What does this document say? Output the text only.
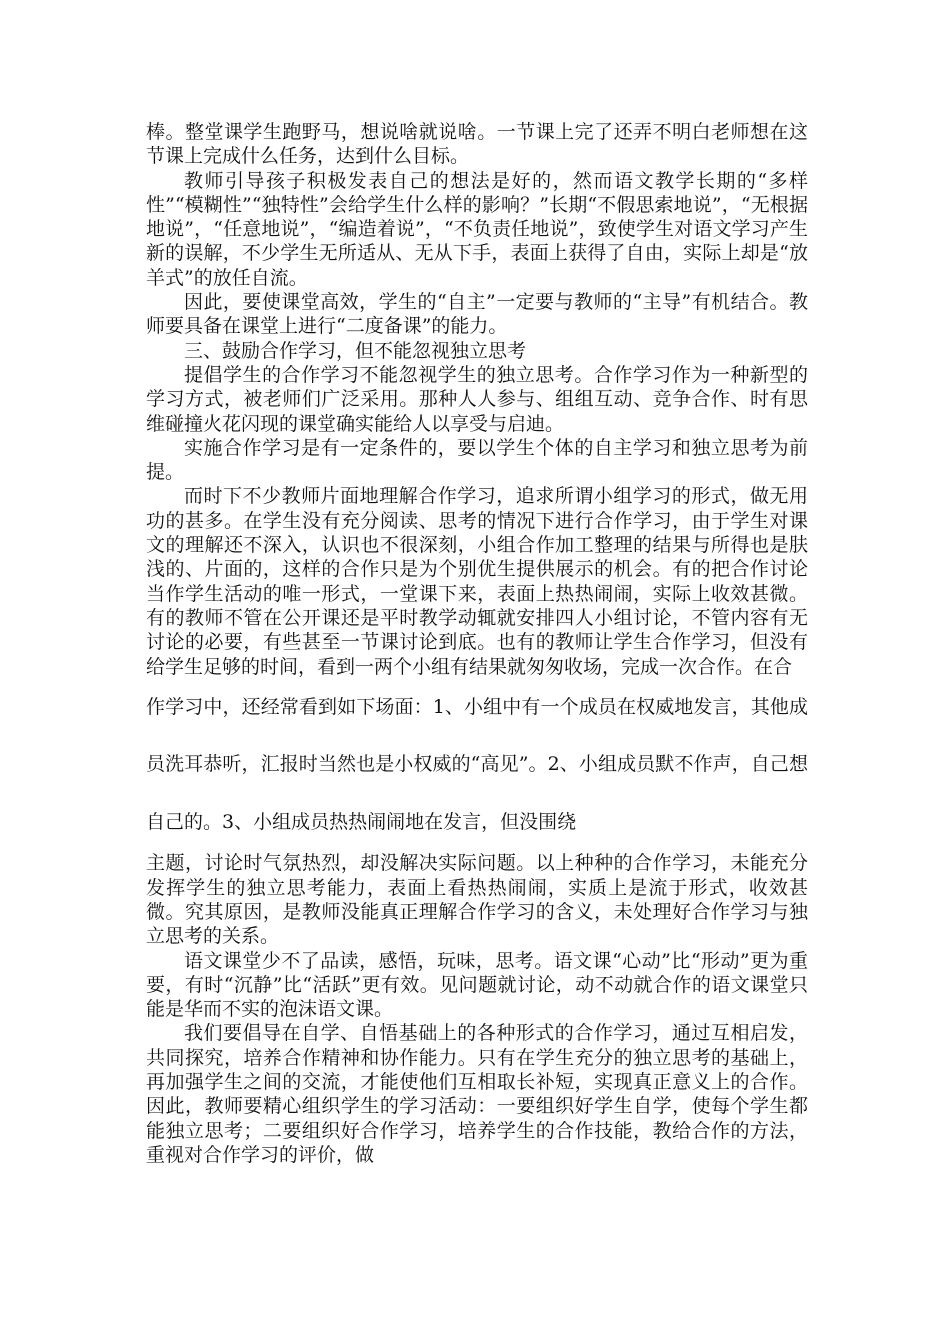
棒。整堂课学生跑野马，想说啥就说啥。一节课上完了还弄不明白老师想在这节课上完成什么任务，达到什么目标。

教师引导孩子积极发表自己的想法是好的，然而语文教学长期的“多样性”“模糊性”“独特性”会给学生什么样的影响？”长期“不假思索地说”，“无根据地说”，“任意地说”，“编造着说”，“不负责任地说”，致使学生对语文学习产生新的误解，不少学生无所适从、无从下手，表面上获得了自由，实际上却是“放羊式”的放任自流。

因此，要使课堂高效，学生的“自主”一定要与教师的“主导”有机结合。教师要具备在课堂上进行“二度备课”的能力。

三、鼓励合作学习，但不能忽视独立思考

提倡学生的合作学习不能忽视学生的独立思考。合作学习作为一种新型的学习方式，被老师们广泛采用。那种人人参与、组组互动、竞争合作、时有思维碰撞火花闪现的课堂确实能给人以享受与启迪。

实施合作学习是有一定条件的，要以学生个体的自主学习和独立思考为前提。

而时下不少教师片面地理解合作学习，追求所谓小组学习的形式，做无用功的甚多。在学生没有充分阅读、思考的情况下进行合作学习，由于学生对课文的理解还不深入，认识也不很深刻，小组合作加工整理的结果与所得也是肤浅的、片面的，这样的合作只是为个别优生提供展示的机会。有的把合作讨论当作学生活动的唯一形式，一堂课下来，表面上热热闹闹，实际上收效甚微。有的教师不管在公开课还是平时教学动辄就安排四人小组讨论，不管内容有无讨论的必要，有些甚至一节课讨论到底。也有的教师让学生合作学习，但没有给学生足够的时间，看到一两个小组有结果就匆匆收场，完成一次合作。在合

作学习中，还经常看到如下场面：1、小组中有一个成员在权威地发言，其他成员洗耳恭听，汇报时当然也是小权威的“高见”。2、小组成员默不作声，自己想自己的。3、小组成员热热闹闹地在发言，但没围绕

主题，讨论时气氛热烈，却没解决实际问题。以上种种的合作学习，未能充分发挥学生的独立思考能力，表面上看热热闹闹，实质上是流于形式，收效甚微。究其原因，是教师没能真正理解合作学习的含义，未处理好合作学习与独立思考的关系。

语文课堂少不了品读，感悟，玩味，思考。语文课“心动”比“形动”更为重要，有时“沉静”比“活跃”更有效。见问题就讨论，动不动就合作的语文课堂只能是华而不实的泡沫语文课。

我们要倡导在自学、自悟基础上的各种形式的合作学习，通过互相启发，共同探究，培养合作精神和协作能力。只有在学生充分的独立思考的基础上，再加强学生之间的交流，才能使他们互相取长补短，实现真正意义上的合作。因此，教师要精心组织学生的学习活动：一要组织好学生自学，使每个学生都能独立思考；二要组织好合作学习，培养学生的合作技能，教给合作的方法，重视对合作学习的评价，做
